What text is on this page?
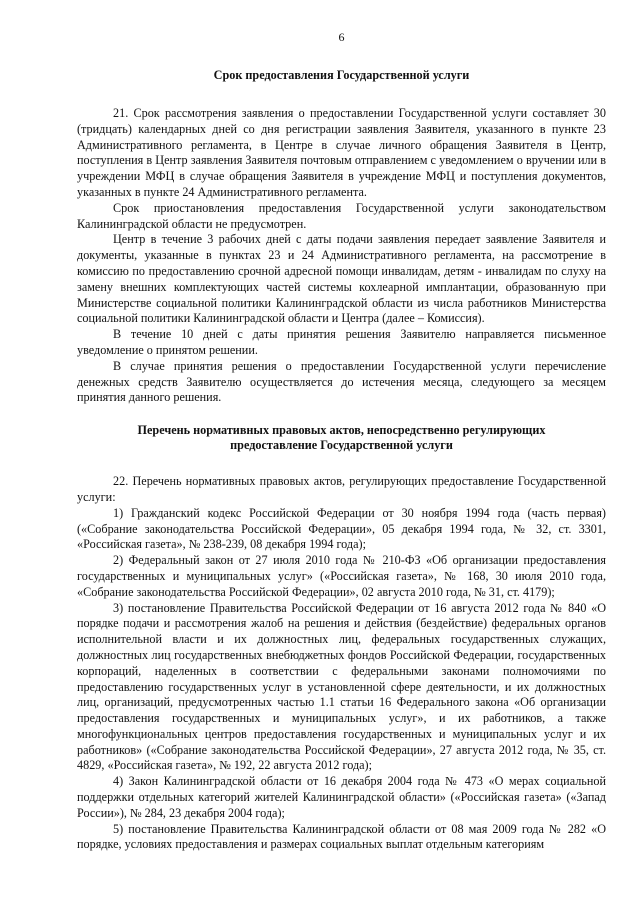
6
Срок предоставления Государственной услуги

21. Срок рассмотрения заявления о предоставлении Государственной услуги составляет 30 (тридцать) календарных дней со дня регистрации заявления Заявителя, указанного в пункте 23 Административного регламента, в Центре в случае личного обращения Заявителя в Центр, поступления в Центр заявления Заявителя почтовым отправлением с уведомлением о вручении или в учреждении МФЦ в случае обращения Заявителя в учреждение МФЦ и поступления документов, указанных в пункте 24 Административного регламента.

Срок приостановления предоставления Государственной услуги законодательством Калининградской области не предусмотрен.

Центр в течение 3 рабочих дней с даты подачи заявления передает заявление Заявителя и документы, указанные в пунктах 23 и 24 Административного регламента, на рассмотрение в комиссию по предоставлению срочной адресной помощи инвалидам, детям - инвалидам по слуху на замену внешних комплектующих частей системы кохлеарной имплантации, образованную при Министерстве социальной политики Калининградской области из числа работников Министерства социальной политики Калининградской области и Центра (далее – Комиссия).

В течение 10 дней с даты принятия решения Заявителю направляется письменное уведомление о принятом решении.

В случае принятия решения о предоставлении Государственной услуги перечисление денежных средств Заявителю осуществляется до истечения месяца, следующего за месяцем принятия данного решения.

Перечень нормативных правовых актов, непосредственно регулирующих
предоставление Государственной услуги

22. Перечень нормативных правовых актов, регулирующих предоставление Государственной услуги:

1) Гражданский кодекс Российской Федерации от 30 ноября 1994 года (часть первая) («Собрание законодательства Российской Федерации», 05 декабря 1994 года, № 32, ст. 3301, «Российская газета», № 238-239, 08 декабря 1994 года);

2) Федеральный закон от 27 июля 2010 года № 210-ФЗ «Об организации предоставления государственных и муниципальных услуг» («Российская газета», № 168, 30 июля 2010 года, «Собрание законодательства Российской Федерации», 02 августа 2010 года, № 31, ст. 4179);

3) постановление Правительства Российской Федерации от 16 августа 2012 года № 840 «О порядке подачи и рассмотрения жалоб на решения и действия (бездействие) федеральных органов исполнительной власти и их должностных лиц, федеральных государственных служащих, должностных лиц государственных внебюджетных фондов Российской Федерации, государственных корпораций, наделенных в соответствии с федеральными законами полномочиями по предоставлению государственных услуг в установленной сфере деятельности, и их должностных лиц, организаций, предусмотренных частью 1.1 статьи 16 Федерального закона «Об организации предоставления государственных и муниципальных услуг», и их работников, а также многофункциональных центров предоставления государственных и муниципальных услуг и их работников» («Собрание законодательства Российской Федерации», 27 августа 2012 года, № 35, ст. 4829, «Российская газета», № 192, 22 августа 2012 года);

4) Закон Калининградской области от 16 декабря 2004 года № 473 «О мерах социальной поддержки отдельных категорий жителей Калининградской области» («Российская газета» («Запад России»), № 284, 23 декабря 2004 года);

5) постановление Правительства Калининградской области от 08 мая 2009 года № 282 «О порядке, условиях предоставления и размерах социальных выплат отдельным категориям
